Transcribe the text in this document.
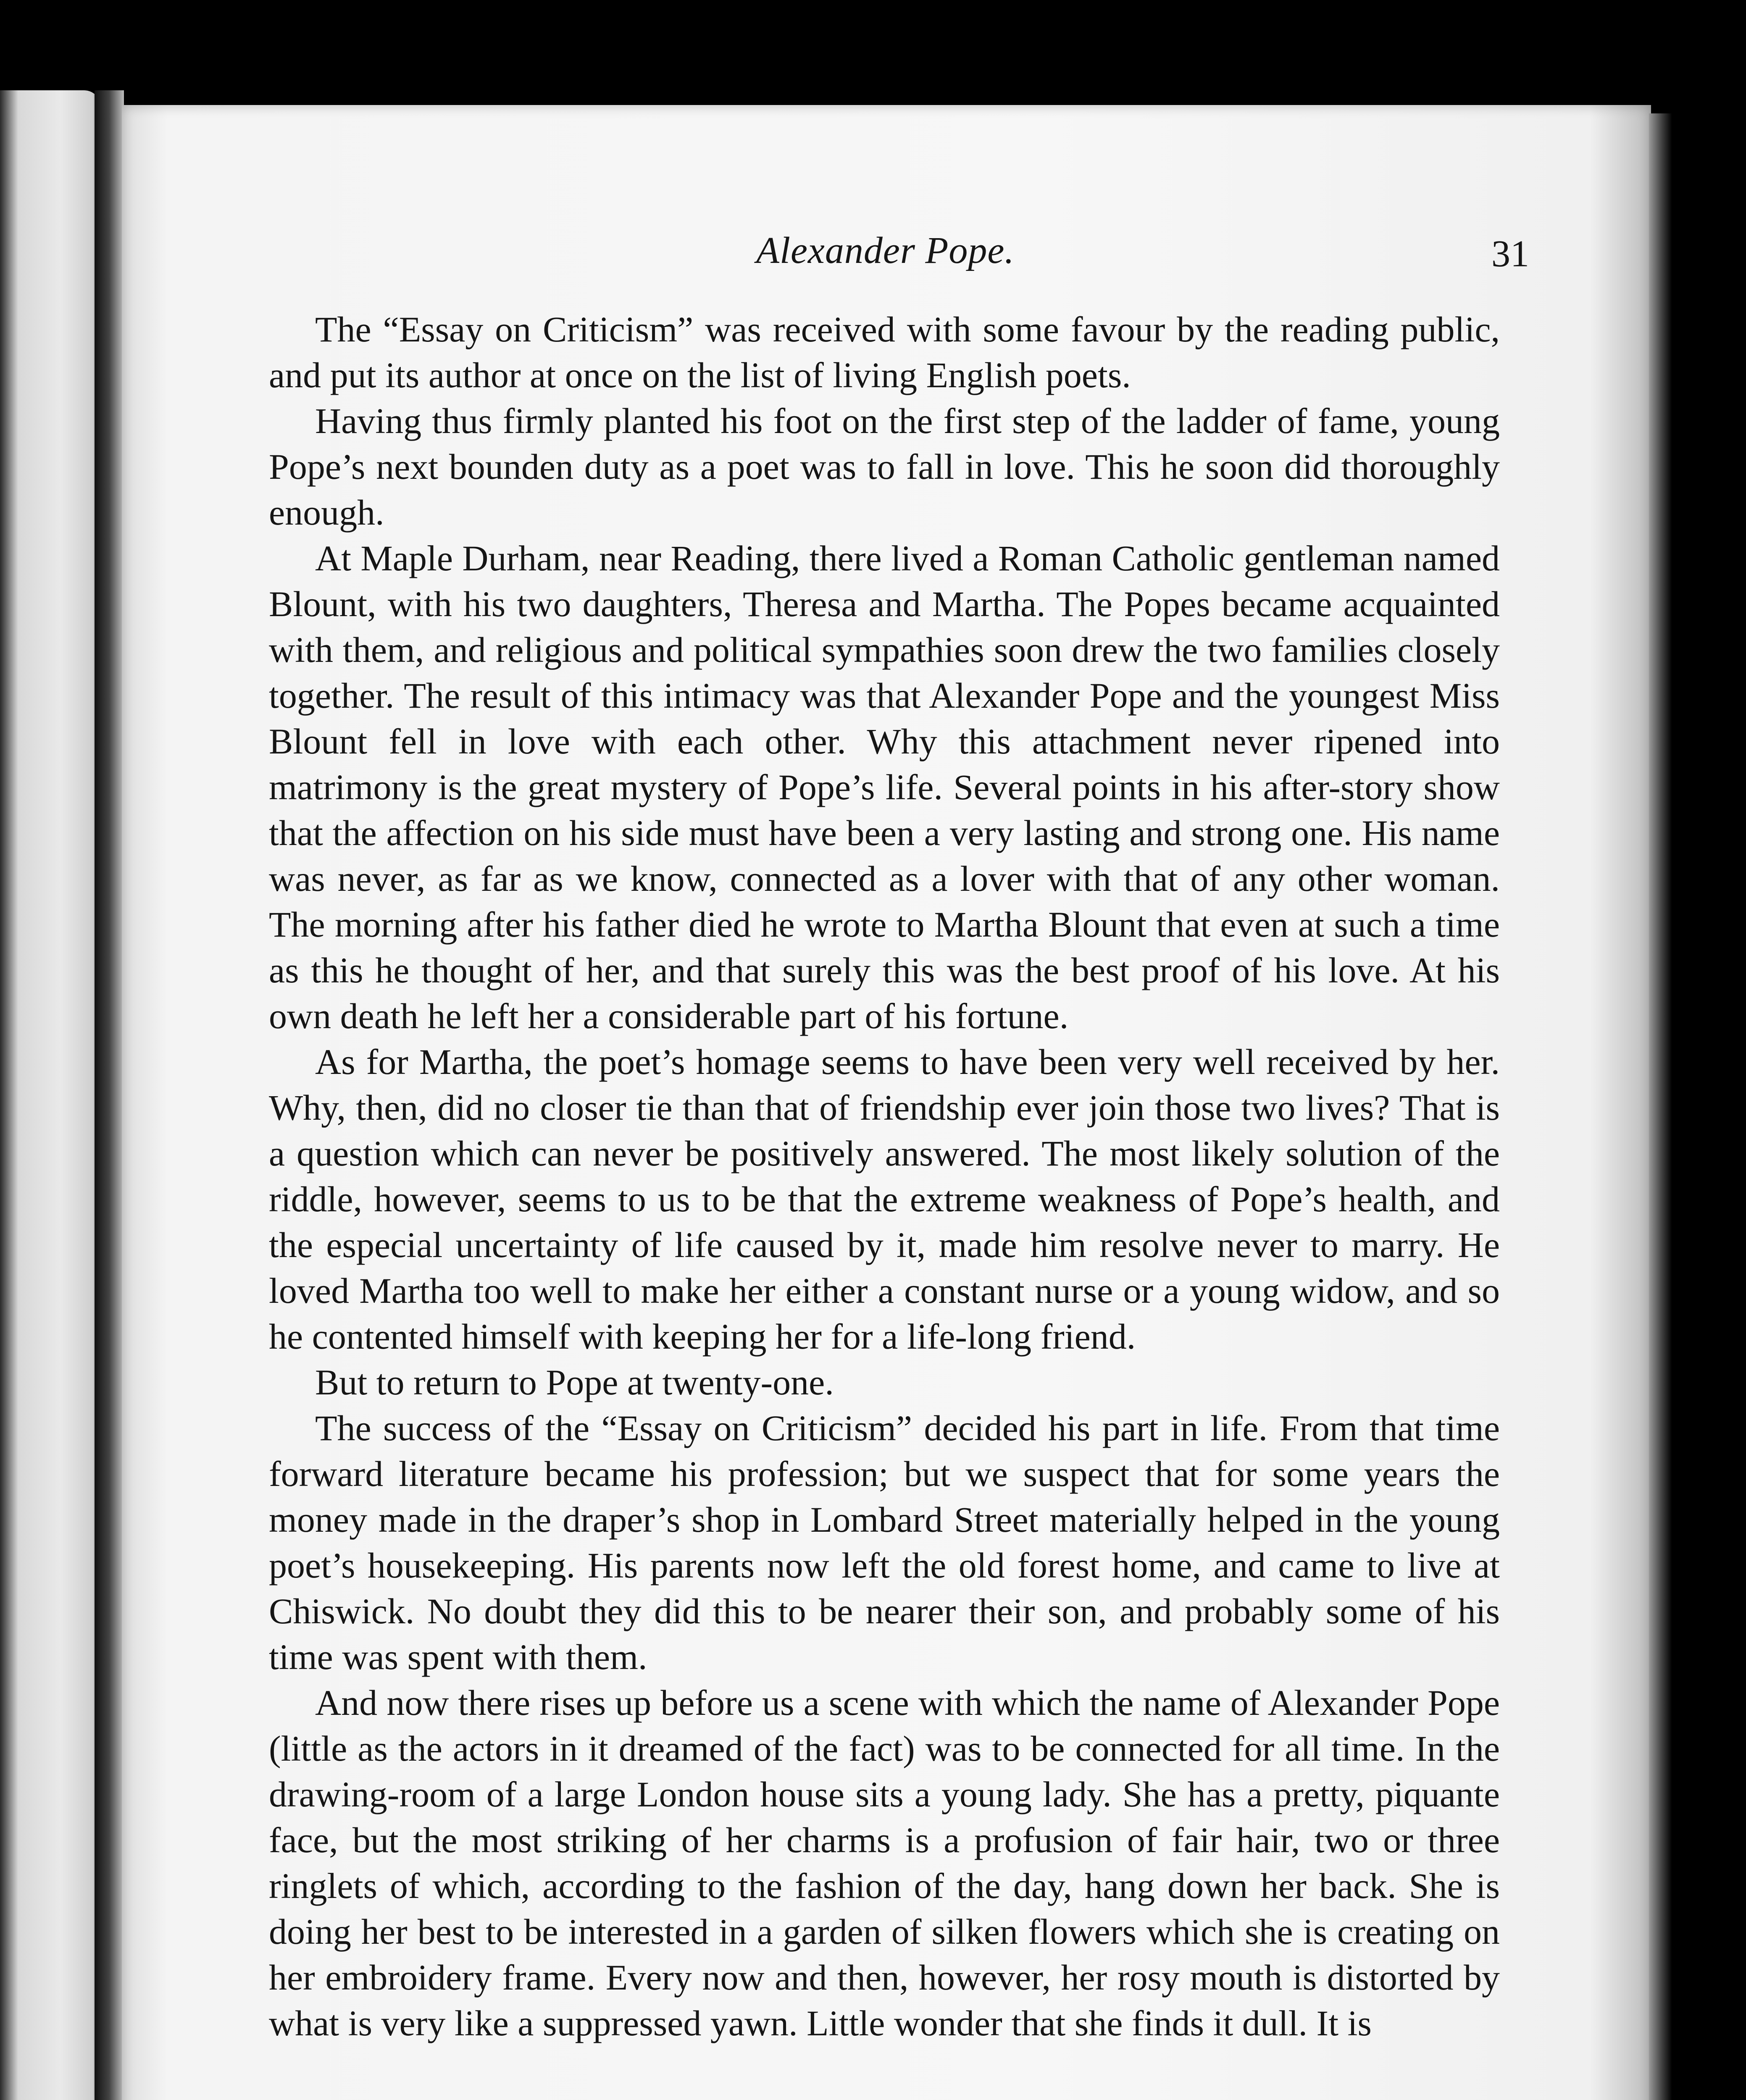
Alexander Pope.	31

The “Essay on Criticism” was received with some favour by the reading public, and put its author at once on the list of living English poets.

Having thus firmly planted his foot on the first step of the ladder of fame, young Pope’s next bounden duty as a poet was to fall in love. This he soon did thoroughly enough.

At Maple Durham, near Reading, there lived a Roman Catholic gentleman named Blount, with his two daughters, Theresa and Martha. The Popes became acquainted with them, and religious and political sympathies soon drew the two families closely together. The result of this intimacy was that Alexander Pope and the youngest Miss Blount fell in love with each other. Why this attachment never ripened into matrimony is the great mystery of Pope’s life. Several points in his after-story show that the affection on his side must have been a very lasting and strong one. His name was never, as far as we know, connected as a lover with that of any other woman. The morning after his father died he wrote to Martha Blount that even at such a time as this he thought of her, and that surely this was the best proof of his love. At his own death he left her a considerable part of his fortune.

As for Martha, the poet’s homage seems to have been very well received by her. Why, then, did no closer tie than that of friendship ever join those two lives? That is a question which can never be positively answered. The most likely solution of the riddle, however, seems to us to be that the extreme weakness of Pope’s health, and the especial uncertainty of life caused by it, made him resolve never to marry. He loved Martha too well to make her either a constant nurse or a young widow, and so he contented himself with keeping her for a life-long friend.

But to return to Pope at twenty-one.

The success of the “Essay on Criticism” decided his part in life. From that time forward literature became his profession; but we suspect that for some years the money made in the draper’s shop in Lombard Street materially helped in the young poet’s housekeeping. His parents now left the old forest home, and came to live at Chiswick. No doubt they did this to be nearer their son, and probably some of his time was spent with them.

And now there rises up before us a scene with which the name of Alexander Pope (little as the actors in it dreamed of the fact) was to be connected for all time. In the drawing-room of a large London house sits a young lady. She has a pretty, piquante face, but the most striking of her charms is a profusion of fair hair, two or three ringlets of which, according to the fashion of the day, hang down her back. She is doing her best to be interested in a garden of silken flowers which she is creating on her embroidery frame. Every now and then, however, her rosy mouth is distorted by what is very like a suppressed yawn. Little wonder that she finds it dull. It is
